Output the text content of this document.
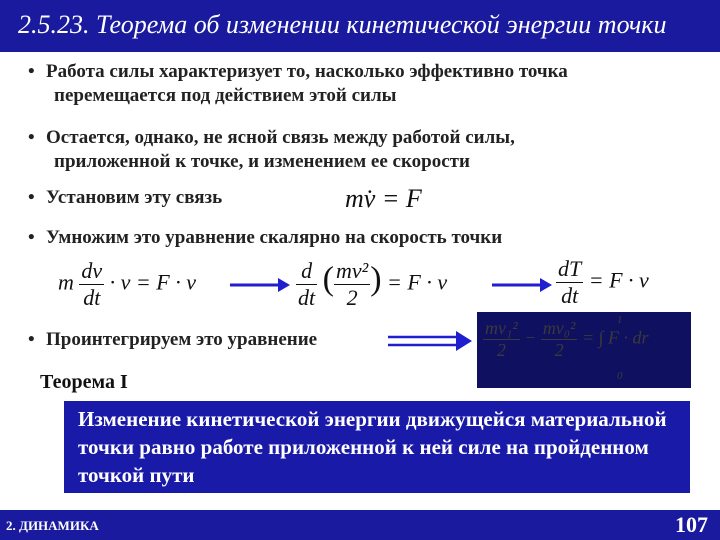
2.5.23. Теорема об изменении кинетической энергии точки
• Работа силы характеризует то, насколько эффективно точка
перемещается под действием этой силы
• Остается, однако, не ясной связь между работой силы,
приложенной к точке, и изменением ее скорости
• Установим эту связь	mv̇ = F
• Умножим это уравнение скалярно на скорость точки
m $\frac{dv}{dt} \cdot v = F \cdot v$	$\frac{d}{dt}$ ( $\frac{\text{mv²}}{2}$ ) = F · v	$\frac{dT}{dt} = F \cdot v$
• Проинтегрируем это уравнение	$\frac{\text{mv₁²}}{2} - \frac{\text{mv₀²}}{2}$ = ∫ F · dr
1
0
Теорема I
Изменение кинетической энергии движущейся материальной точки равно работе приложенной к ней силе на пройденном точкой пути
2. ДИНАМИКА	107
